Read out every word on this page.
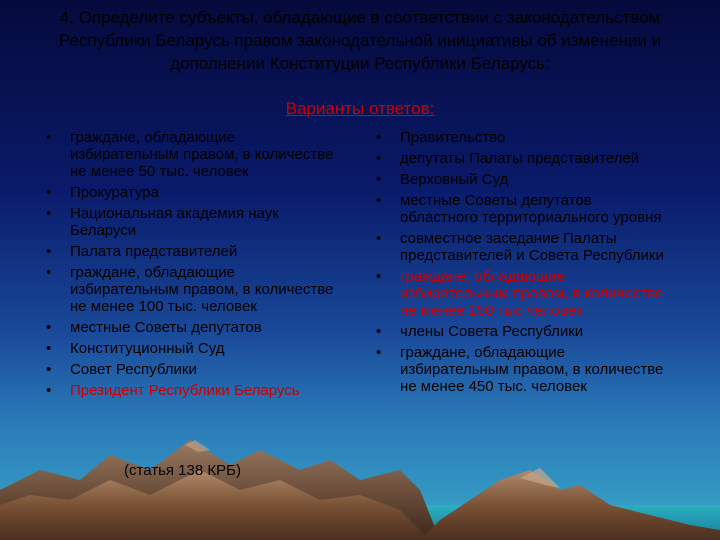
4. Определите субъекты, обладающие в соответствии с законодательством Республики Беларусь правом законодательной инициативы об изменении и дополнении Конституции Республики Беларусь:
Варианты ответов:
• граждане, обладающие избирательным правом, в количестве не менее 50 тыс. человек
• Прокуратура
• Национальная академия наук Беларуси
• Палата представителей
• граждане, обладающие избирательным правом, в количестве не менее 100 тыс. человек
• местные Советы депутатов
• Конституционный Суд
• Совет Республики
• Президент Республики Беларусь
(статья 138 КРБ)
• Правительство
• депутаты Палаты представителей
• Верховный Суд
• местные Советы депутатов областного территориального уровня
• совместное заседание Палаты представителей и Совета Республики
• граждане, обладающие избирательным правом, в количестве не менее 150 тыс человек
• члены Совета Республики
• граждане, обладающие избирательным правом, в количестве не менее 450 тыс. человек
